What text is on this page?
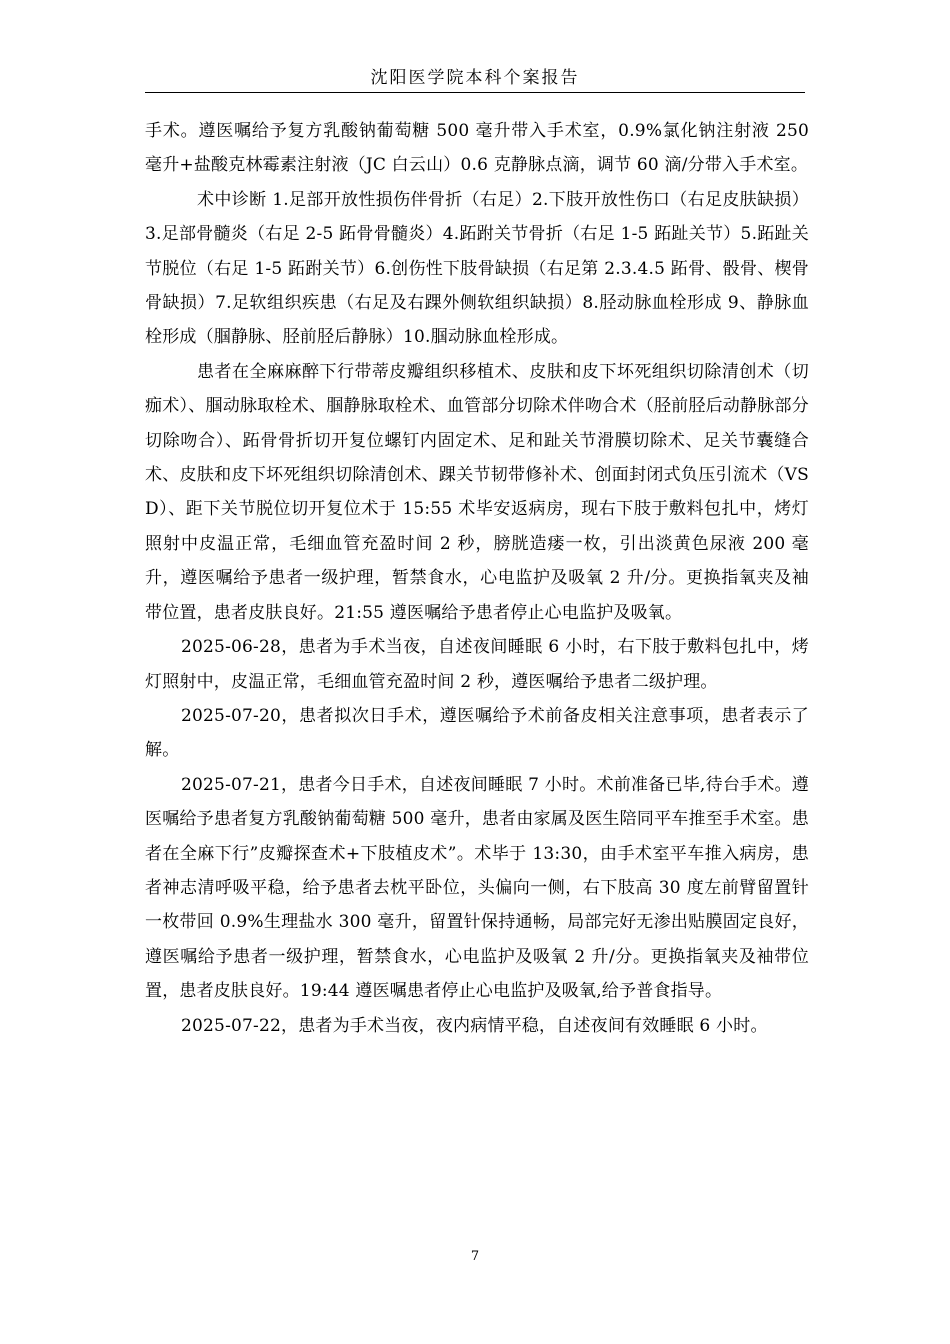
沈阳医学院本科个案报告

手术。遵医嘱给予复方乳酸钠葡萄糖 500 毫升带入手术室，0.9%氯化钠注射液 250 毫升+盐酸克林霉素注射液（JC 白云山）0.6 克静脉点滴，调节 60 滴/分带入手术室。

术中诊断 1.足部开放性损伤伴骨折（右足）2.下肢开放性伤口（右足皮肤缺损）3.足部骨髓炎（右足 2-5 跖骨骨髓炎）4.跖跗关节骨折（右足 1-5 跖趾关节）5.跖趾关节脱位（右足 1-5 跖跗关节）6.创伤性下肢骨缺损（右足第 2.3.4.5 跖骨、骰骨、楔骨骨缺损）7.足软组织疾患（右足及右踝外侧软组织缺损）8.胫动脉血栓形成 9、静脉血栓形成（腘静脉、胫前胫后静脉）10.腘动脉血栓形成。

患者在全麻麻醉下行带蒂皮瓣组织移植术、皮肤和皮下坏死组织切除清创术（切痂术）、腘动脉取栓术、腘静脉取栓术、血管部分切除术伴吻合术（胫前胫后动静脉部分切除吻合）、跖骨骨折切开复位螺钉内固定术、足和趾关节滑膜切除术、足关节囊缝合术、皮肤和皮下坏死组织切除清创术、踝关节韧带修补术、创面封闭式负压引流术（VSD）、距下关节脱位切开复位术于 15:55 术毕安返病房，现右下肢于敷料包扎中，烤灯照射中皮温正常，毛细血管充盈时间 2 秒，膀胱造瘘一枚，引出淡黄色尿液 200 毫升，遵医嘱给予患者一级护理，暂禁食水，心电监护及吸氧 2 升/分。更换指氧夹及袖带位置，患者皮肤良好。21:55 遵医嘱给予患者停止心电监护及吸氧。

2025-06-28，患者为手术当夜，自述夜间睡眠 6 小时，右下肢于敷料包扎中，烤灯照射中，皮温正常，毛细血管充盈时间 2 秒，遵医嘱给予患者二级护理。

2025-07-20，患者拟次日手术，遵医嘱给予术前备皮相关注意事项，患者表示了解。

2025-07-21，患者今日手术，自述夜间睡眠 7 小时。术前准备已毕,待台手术。遵医嘱给予患者复方乳酸钠葡萄糖 500 毫升，患者由家属及医生陪同平车推至手术室。患者在全麻下行”皮瓣探查术+下肢植皮术”。术毕于 13:30，由手术室平车推入病房，患者神志清呼吸平稳，给予患者去枕平卧位，头偏向一侧，右下肢高 30 度左前臂留置针一枚带回 0.9%生理盐水 300 毫升，留置针保持通畅，局部完好无渗出贴膜固定良好，遵医嘱给予患者一级护理，暂禁食水，心电监护及吸氧 2 升/分。更换指氧夹及袖带位置，患者皮肤良好。19:44 遵医嘱患者停止心电监护及吸氧,给予普食指导。

2025-07-22，患者为手术当夜，夜内病情平稳，自述夜间有效睡眠 6 小时。

7
